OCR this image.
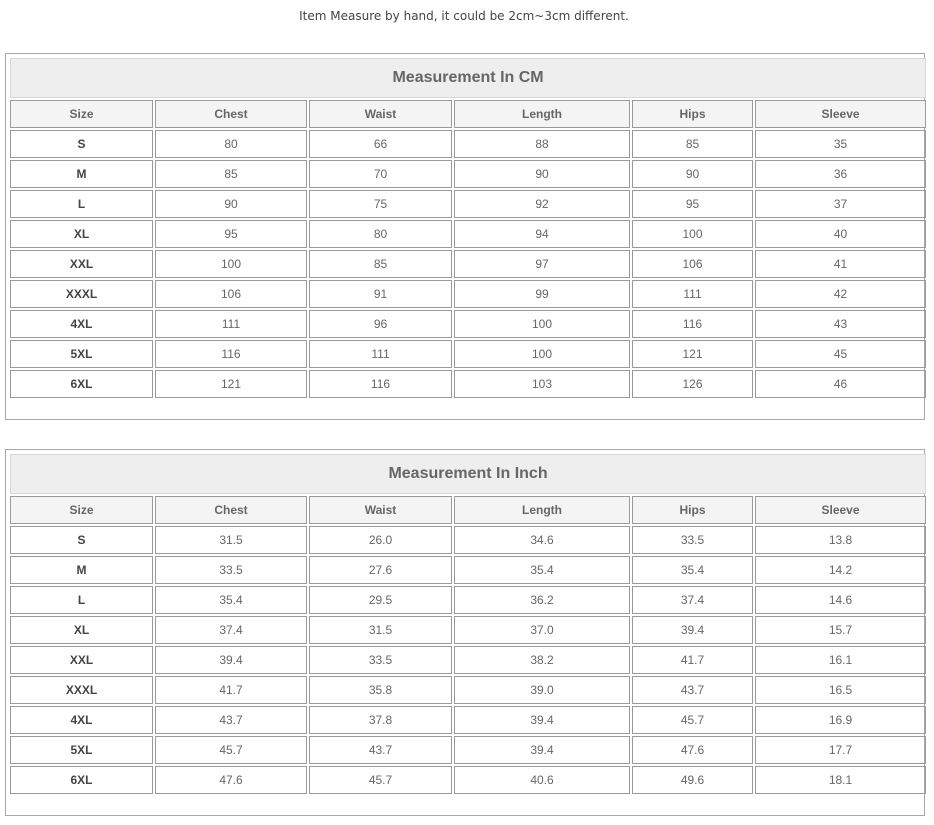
Item Measure by hand, it could be 2cm~3cm different.
Measurement In CM					
Size	Chest	Waist	Length	Hips	Sleeve
S	80	66	88	85	35
M	85	70	90	90	36
L	90	75	92	95	37
XL	95	80	94	100	40
XXL	100	85	97	106	41
XXXL	106	91	99	111	42
4XL	111	96	100	116	43
5XL	116	111	100	121	45
6XL	121	116	103	126	46
Measurement In Inch					
Size	Chest	Waist	Length	Hips	Sleeve
S	31.5	26.0	34.6	33.5	13.8
M	33.5	27.6	35.4	35.4	14.2
L	35.4	29.5	36.2	37.4	14.6
XL	37.4	31.5	37.0	39.4	15.7
XXL	39.4	33.5	38.2	41.7	16.1
XXXL	41.7	35.8	39.0	43.7	16.5
4XL	43.7	37.8	39.4	45.7	16.9
5XL	45.7	43.7	39.4	47.6	17.7
6XL	47.6	45.7	40.6	49.6	18.1
